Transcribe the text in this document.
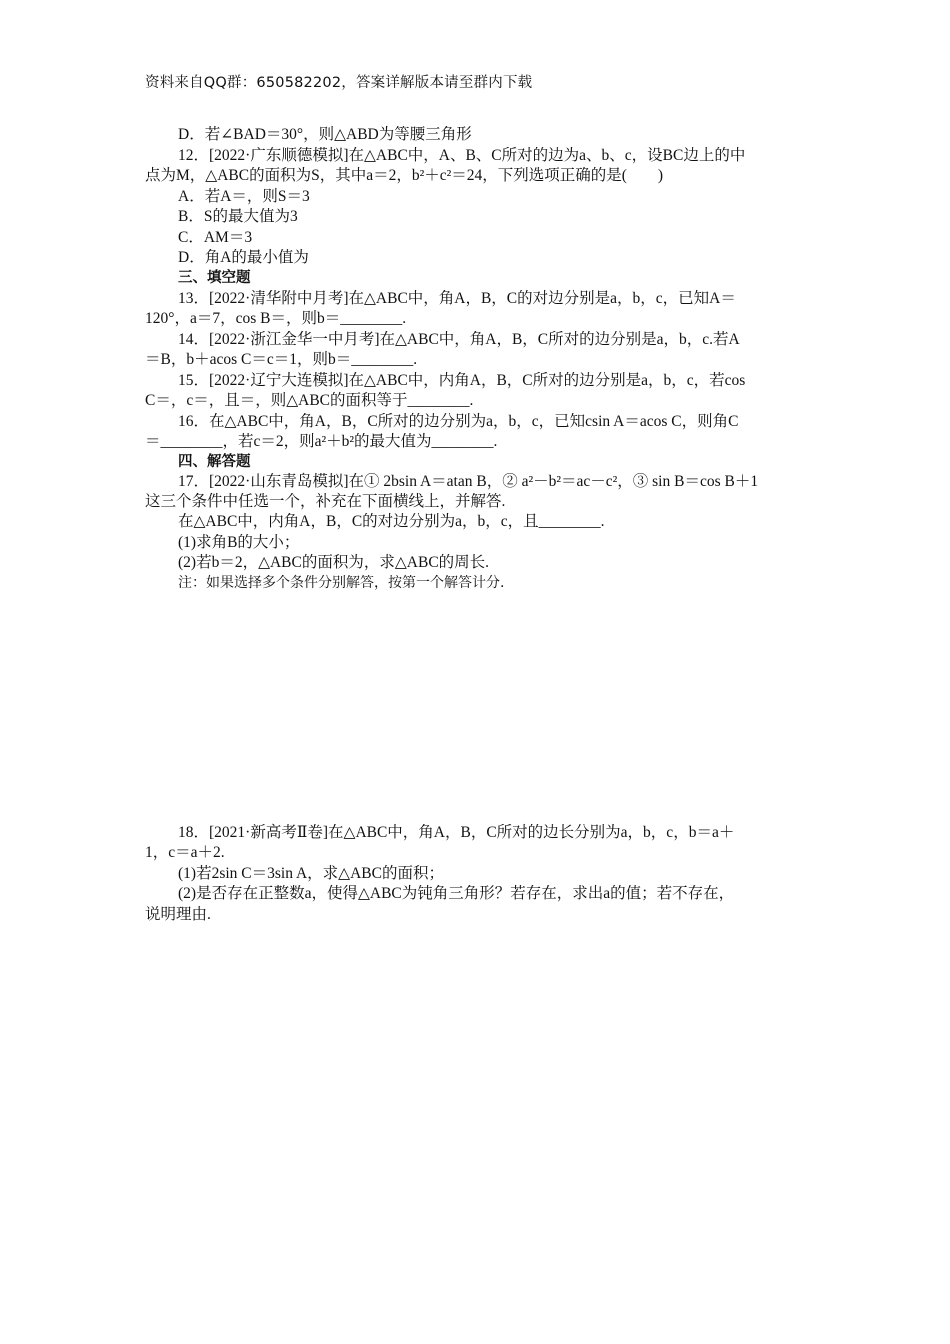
资料来自QQ群：650582202，答案详解版本请至群内下载
D．若∠BAD＝30°，则△ABD为等腰三角形
12．[2022·广东顺德模拟]在△ABC中，A、B、C所对的边为a、b、c，设BC边上的中
点为M，△ABC的面积为S，其中a＝2，b²＋c²＝24，下列选项正确的是(　　)
A．若A＝，则S＝3
B．S的最大值为3
C．AM＝3
D．角A的最小值为
三、填空题
13．[2022·清华附中月考]在△ABC中，角A，B，C的对边分别是a，b，c，已知A＝
120°，a＝7，cos B＝，则b＝________.
14．[2022·浙江金华一中月考]在△ABC中，角A，B，C所对的边分别是a，b，c.若A
＝B，b＋acos C＝c＝1，则b＝________.
15．[2022·辽宁大连模拟]在△ABC中，内角A，B，C所对的边分别是a，b，c，若cos
C＝，c＝，且＝，则△ABC的面积等于________.
16．在△ABC中，角A，B，C所对的边分别为a，b，c，已知csin A＝acos C，则角C
＝________，若c＝2，则a²＋b²的最大值为________.
四、解答题
17．[2022·山东青岛模拟]在① 2bsin A＝atan B，② a²－b²＝ac－c²，③ sin B＝cos B＋1
这三个条件中任选一个，补充在下面横线上，并解答.
在△ABC中，内角A，B，C的对边分别为a，b，c，且________.
(1)求角B的大小；
(2)若b＝2，△ABC的面积为，求△ABC的周长.
注：如果选择多个条件分别解答，按第一个解答计分.
18．[2021·新高考Ⅱ卷]在△ABC中，角A，B，C所对的边长分别为a，b，c，b＝a＋
1，c＝a＋2.
(1)若2sin C＝3sin A，求△ABC的面积；
(2)是否存在正整数a，使得△ABC为钝角三角形？若存在，求出a的值；若不存在，
说明理由.
